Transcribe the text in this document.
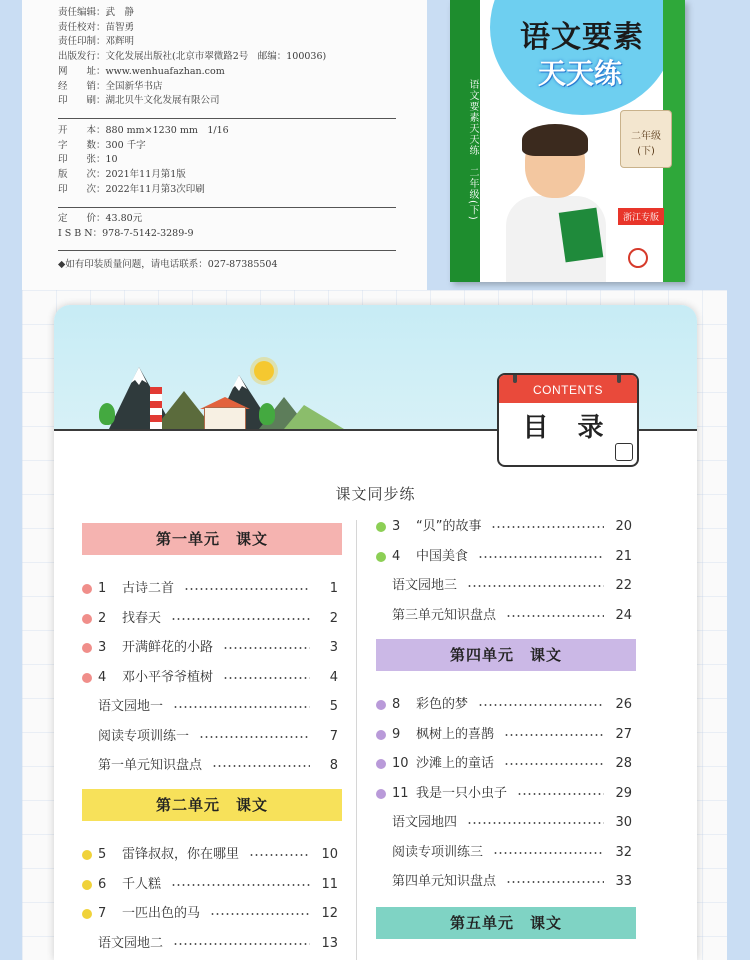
责任编辑：武　静
责任校对：苗智勇
责任印制：邓辉明
出版发行：文化发展出版社(北京市翠微路2号　邮编：100036)
网　　址：www.wenhuafazhan.com
经　　销：全国新华书店
印　　刷：湖北贝牛文化发展有限公司
开　　本：880 mm×1230 mm　1/16
字　　数：300 千字
印　　张：10
版　　次：2021年11月第1版
印　　次：2022年11月第3次印刷
定　　价：43.80元
I S B N：978-7-5142-3289-9
◆如有印装质量问题，请电话联系：027-87385504
语文要素天天练　二年级(下)
语文要素
天天练
二年级
(下)
浙江专版
CONTENTS
目 录
课文同步练
第一单元　课文
1 古诗二首	1
2 找春天	2
3 开满鲜花的小路	3
4 邓小平爷爷植树	4
语文园地一	5
阅读专项训练一	7
第一单元知识盘点	8
第二单元　课文
5 雷锋叔叔，你在哪里	10
6 千人糕	11
7 一匹出色的马	12
语文园地二	13
3 “贝”的故事	20
4 中国美食	21
语文园地三	22
第三单元知识盘点	24
第四单元　课文
8 彩色的梦	26
9 枫树上的喜鹊	27
10 沙滩上的童话	28
11 我是一只小虫子	29
语文园地四	30
阅读专项训练三	32
第四单元知识盘点	33
第五单元　课文
